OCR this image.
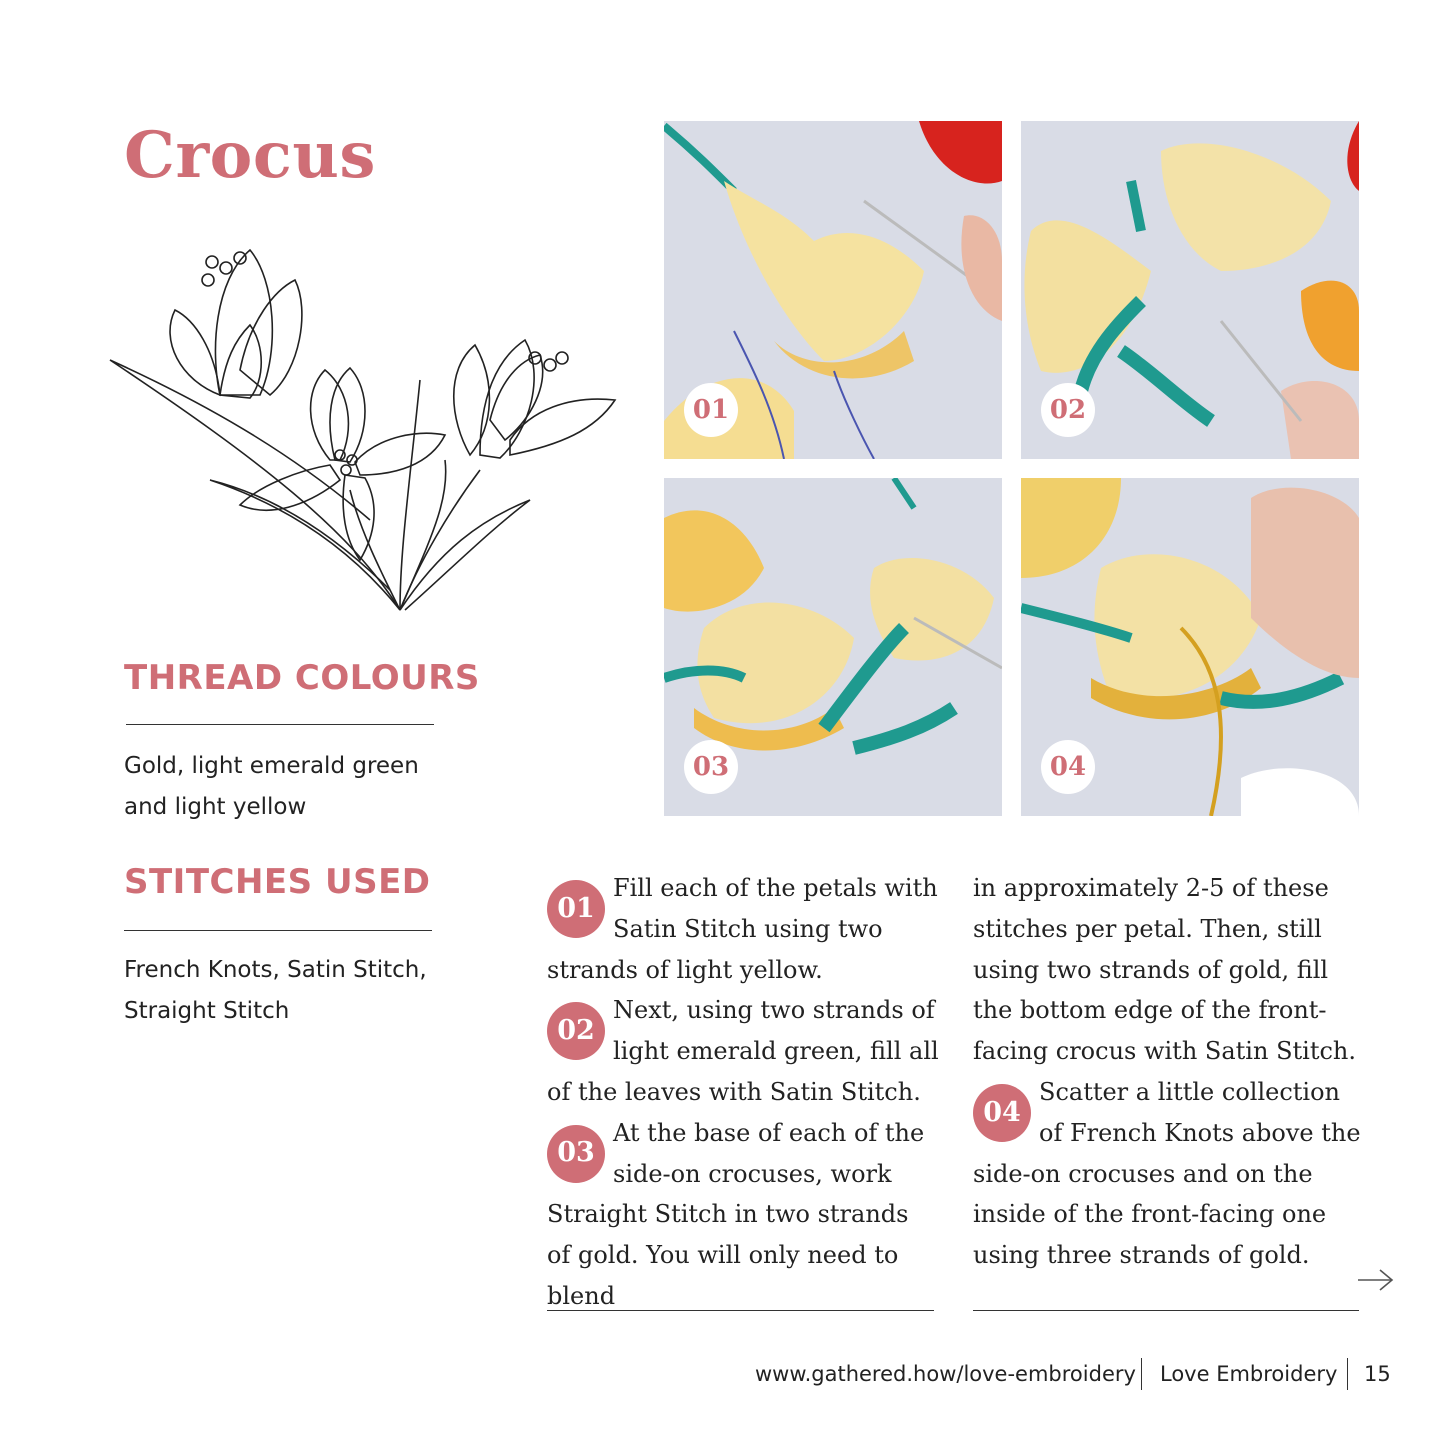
Crocus
THREAD COLOURS
Gold, light emerald green and light yellow
STITCHES USED
French Knots, Satin Stitch, Straight Stitch
01	02
03	04

01
Fill each of the petals with Satin Stitch using two strands of light yellow.

02
Next, using two strands of light emerald green, fill all of the leaves with Satin Stitch.

03
At the base of each of the side-on crocuses, work Straight Stitch in two strands of gold. You will only need to blend

in approximately 2-5 of these stitches per petal. Then, still using two strands of gold, fill the bottom edge of the front-facing crocus with Satin Stitch.

04
Scatter a little collection of French Knots above the side-on crocuses and on the inside of the front-facing one using three strands of gold.

www.gathered.how/love-embroidery Love Embroidery 15
